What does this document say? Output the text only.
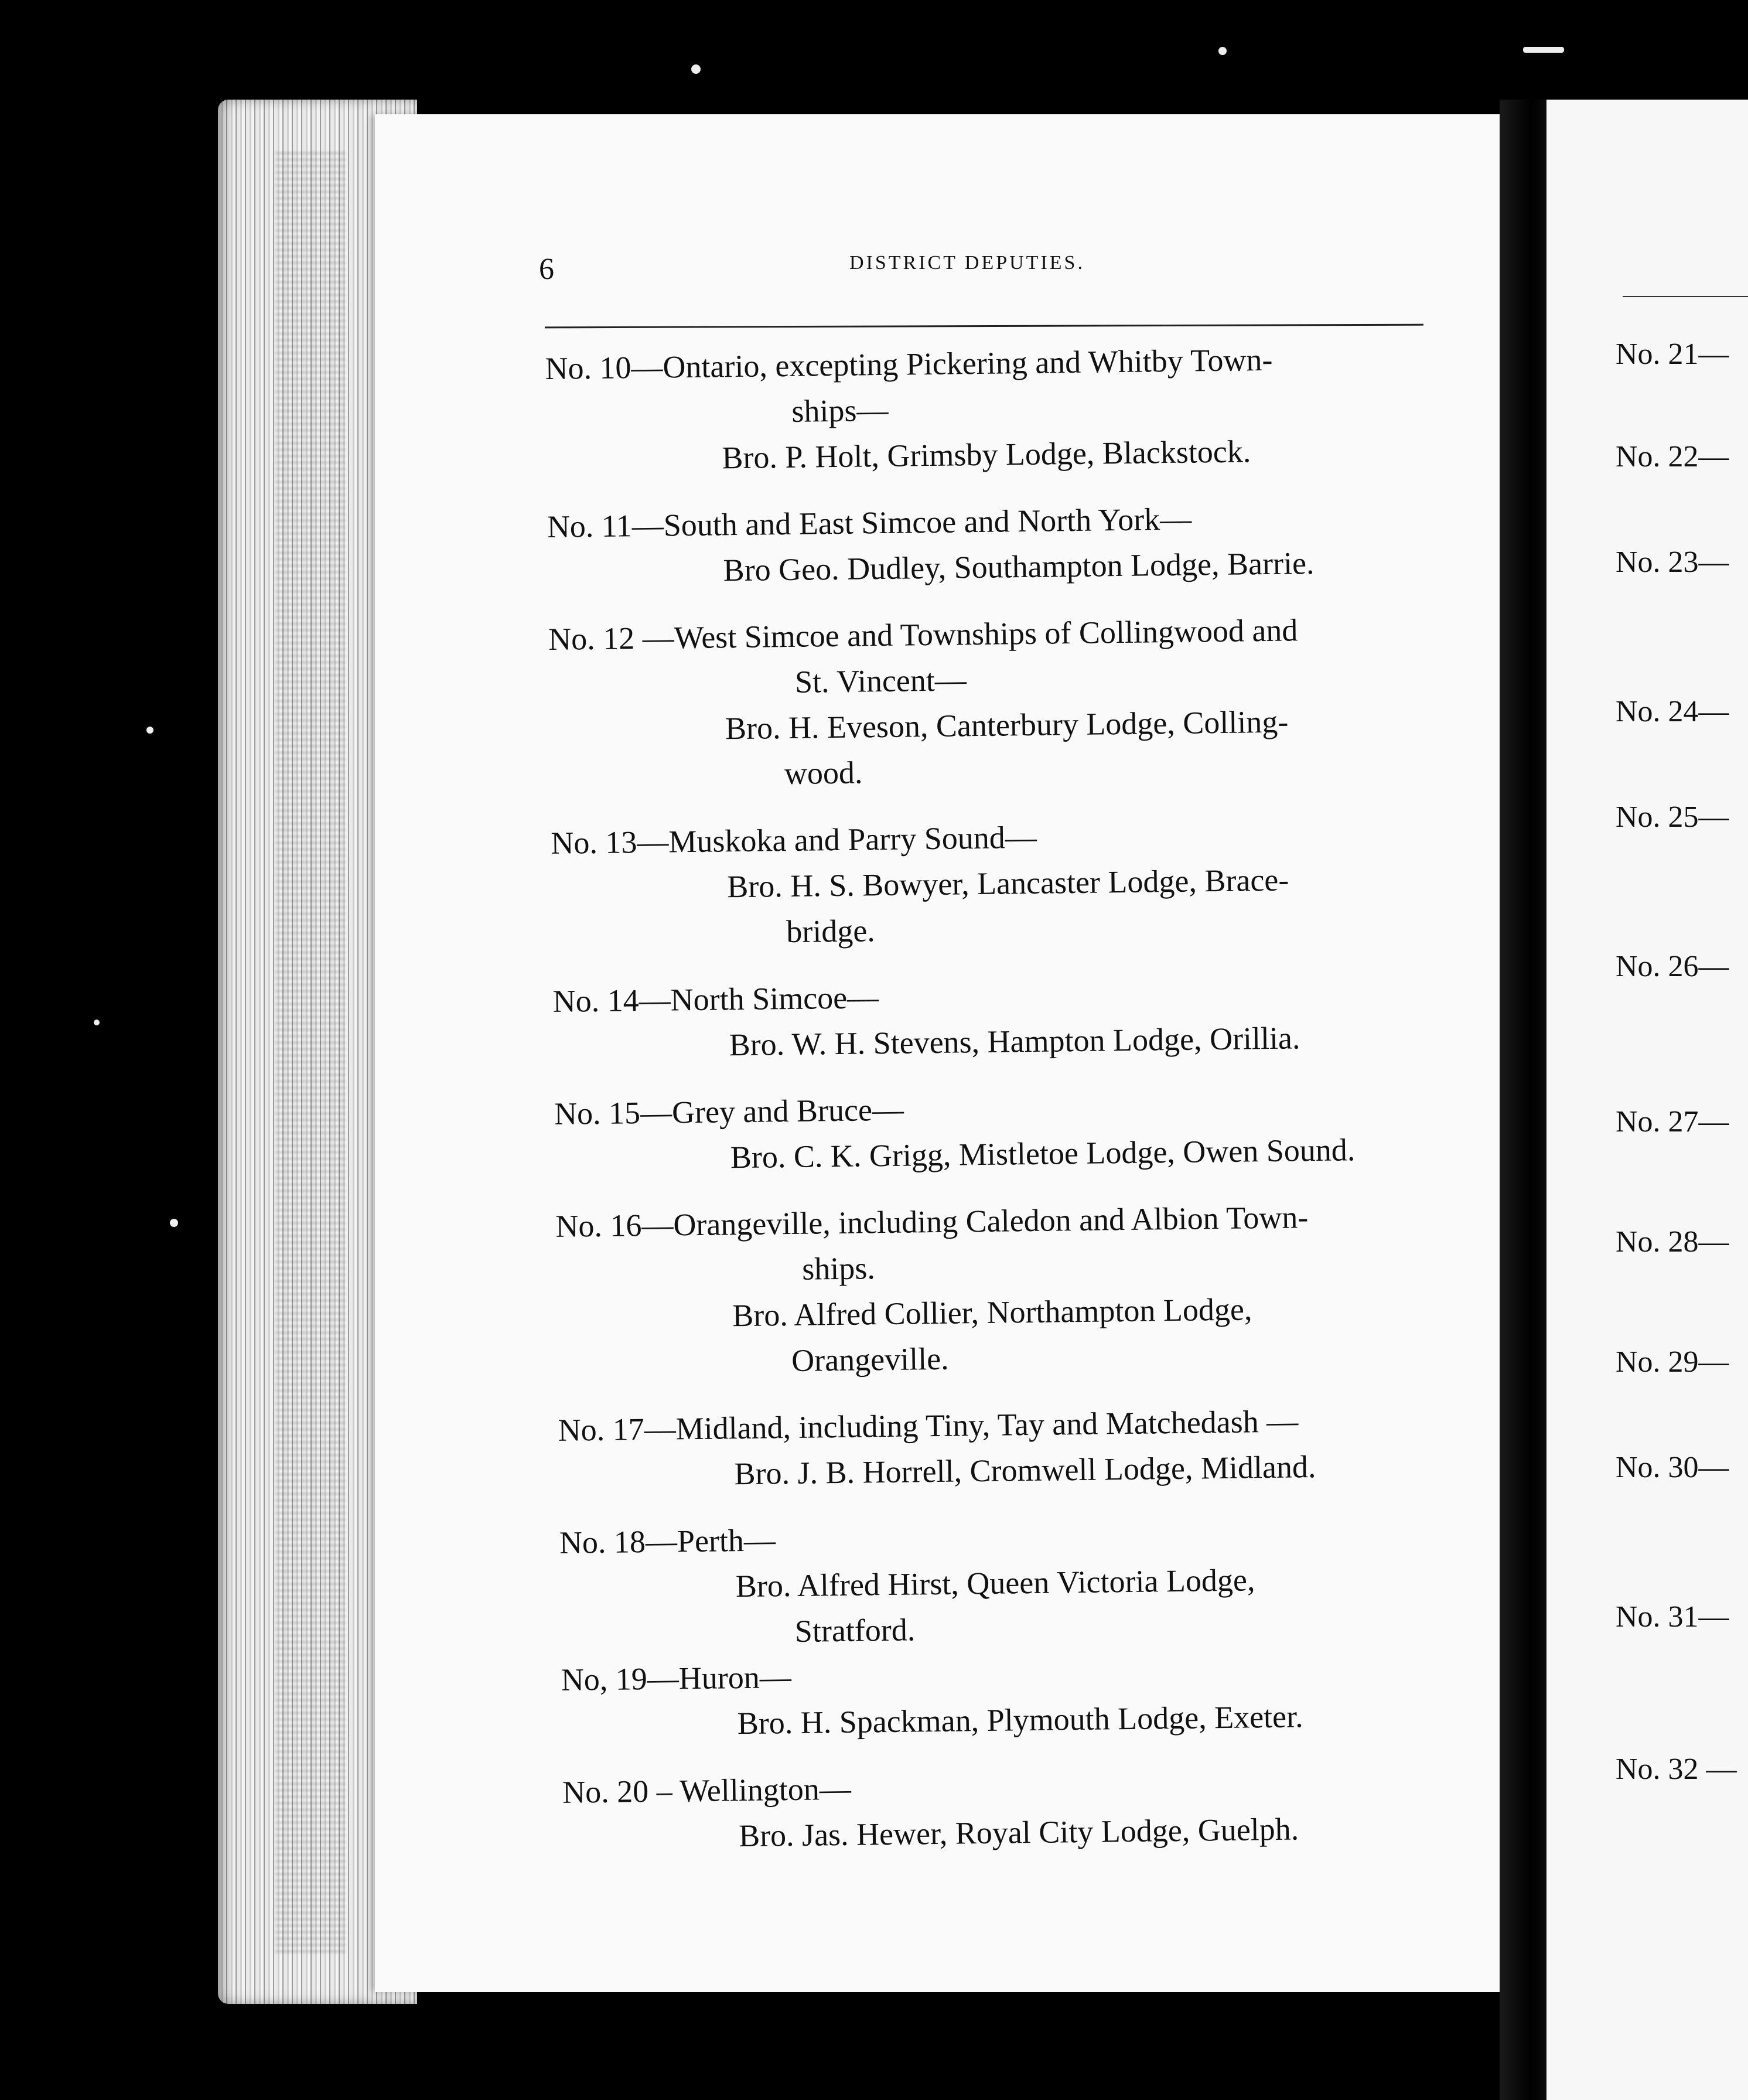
6	DISTRICT DEPUTIES.
No. 10—Ontario, excepting Pickering and Whitby Town-
ships—
Bro. P. Holt, Grimsby Lodge, Blackstock.
No. 11—South and East Simcoe and North York—
Bro Geo. Dudley, Southampton Lodge, Barrie.
No. 12 —West Simcoe and Townships of Collingwood and
St. Vincent—
Bro. H. Eveson, Canterbury Lodge, Colling-
wood.
No. 13—Muskoka and Parry Sound—
Bro. H. S. Bowyer, Lancaster Lodge, Brace-
bridge.
No. 14—North Simcoe—
Bro. W. H. Stevens, Hampton Lodge, Orillia.
No. 15—Grey and Bruce—
Bro. C. K. Grigg, Mistletoe Lodge, Owen Sound.
No. 16—Orangeville, including Caledon and Albion Town-
ships.
Bro. Alfred Collier, Northampton Lodge,
Orangeville.
No. 17—Midland, including Tiny, Tay and Matchedash —
Bro. J. B. Horrell, Cromwell Lodge, Midland.
No. 18—Perth—
Bro. Alfred Hirst, Queen Victoria Lodge,
Stratford.
No, 19—Huron—
Bro. H. Spackman, Plymouth Lodge, Exeter.
No. 20 – Wellington—
Bro. Jas. Hewer, Royal City Lodge, Guelph.
No. 21—
No. 22—
No. 23—
No. 24—
No. 25—
No. 26—
No. 27—
No. 28—
No. 29—
No. 30—
No. 31—
No. 32 —
